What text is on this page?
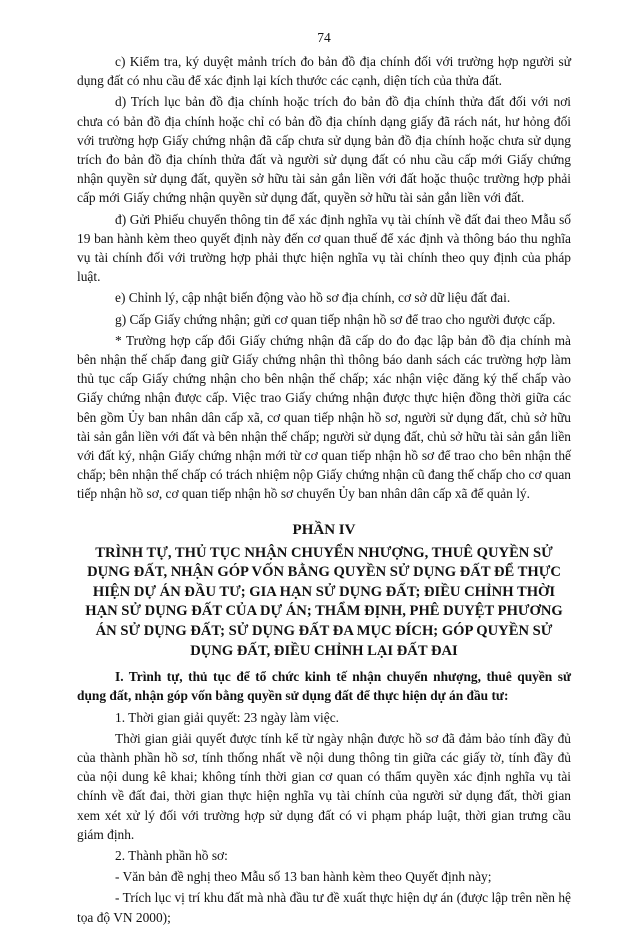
74

c) Kiểm tra, ký duyệt mảnh trích đo bản đồ địa chính đối với trường hợp người sử dụng đất có nhu cầu để xác định lại kích thước các cạnh, diện tích của thửa đất.

d) Trích lục bản đồ địa chính hoặc trích đo bản đồ địa chính thửa đất đối với nơi chưa có bản đồ địa chính hoặc chỉ có bản đồ địa chính dạng giấy đã rách nát, hư hỏng đối với trường hợp Giấy chứng nhận đã cấp chưa sử dụng bản đồ địa chính hoặc chưa sử dụng trích đo bản đồ địa chính thửa đất và người sử dụng đất có nhu cầu cấp mới Giấy chứng nhận quyền sử dụng đất, quyền sở hữu tài sản gắn liền với đất hoặc thuộc trường hợp phải cấp mới Giấy chứng nhận quyền sử dụng đất, quyền sở hữu tài sản gắn liền với đất.

đ) Gửi Phiếu chuyển thông tin để xác định nghĩa vụ tài chính về đất đai theo Mẫu số 19 ban hành kèm theo quyết định này đến cơ quan thuế để xác định và thông báo thu nghĩa vụ tài chính đối với trường hợp phải thực hiện nghĩa vụ tài chính theo quy định của pháp luật.

e) Chỉnh lý, cập nhật biến động vào hồ sơ địa chính, cơ sở dữ liệu đất đai.

g) Cấp Giấy chứng nhận; gửi cơ quan tiếp nhận hồ sơ để trao cho người được cấp.

* Trường hợp cấp đổi Giấy chứng nhận đã cấp do đo đạc lập bản đồ địa chính mà bên nhận thế chấp đang giữ Giấy chứng nhận thì thông báo danh sách các trường hợp làm thủ tục cấp Giấy chứng nhận cho bên nhận thế chấp; xác nhận việc đăng ký thế chấp vào Giấy chứng nhận được cấp. Việc trao Giấy chứng nhận được thực hiện đồng thời giữa các bên gồm Ủy ban nhân dân cấp xã, cơ quan tiếp nhận hồ sơ, người sử dụng đất, chủ sở hữu tài sản gắn liền với đất và bên nhận thế chấp; người sử dụng đất, chủ sở hữu tài sản gắn liền với đất ký, nhận Giấy chứng nhận mới từ cơ quan tiếp nhận hồ sơ để trao cho bên nhận thế chấp; bên nhận thế chấp có trách nhiệm nộp Giấy chứng nhận cũ đang thế chấp cho cơ quan tiếp nhận hồ sơ, cơ quan tiếp nhận hồ sơ chuyển Ủy ban nhân dân cấp xã để quản lý.

PHẦN IV
TRÌNH TỰ, THỦ TỤC NHẬN CHUYỂN NHƯỢNG, THUÊ QUYỀN SỬ DỤNG ĐẤT, NHẬN GÓP VỐN BẰNG QUYỀN SỬ DỤNG ĐẤT ĐỂ THỰC HIỆN DỰ ÁN ĐẦU TƯ; GIA HẠN SỬ DỤNG ĐẤT; ĐIỀU CHỈNH THỜI HẠN SỬ DỤNG ĐẤT CỦA DỰ ÁN; THẨM ĐỊNH, PHÊ DUYỆT PHƯƠNG ÁN SỬ DỤNG ĐẤT; SỬ DỤNG ĐẤT ĐA MỤC ĐÍCH; GÓP QUYỀN SỬ DỤNG ĐẤT, ĐIỀU CHỈNH LẠI ĐẤT ĐAI

I. Trình tự, thủ tục để tổ chức kinh tế nhận chuyển nhượng, thuê quyền sử dụng đất, nhận góp vốn bằng quyền sử dụng đất để thực hiện dự án đầu tư:

1. Thời gian giải quyết: 23 ngày làm việc.

Thời gian giải quyết được tính kể từ ngày nhận được hồ sơ đã đảm bảo tính đầy đủ của thành phần hồ sơ, tính thống nhất về nội dung thông tin giữa các giấy tờ, tính đầy đủ của nội dung kê khai; không tính thời gian cơ quan có thẩm quyền xác định nghĩa vụ tài chính về đất đai, thời gian thực hiện nghĩa vụ tài chính của người sử dụng đất, thời gian xem xét xử lý đối với trường hợp sử dụng đất có vi phạm pháp luật, thời gian trưng cầu giám định.

2. Thành phần hồ sơ:

- Văn bản đề nghị theo Mẫu số 13 ban hành kèm theo Quyết định này;

- Trích lục vị trí khu đất mà nhà đầu tư đề xuất thực hiện dự án (được lập trên nền hệ tọa độ VN 2000);
